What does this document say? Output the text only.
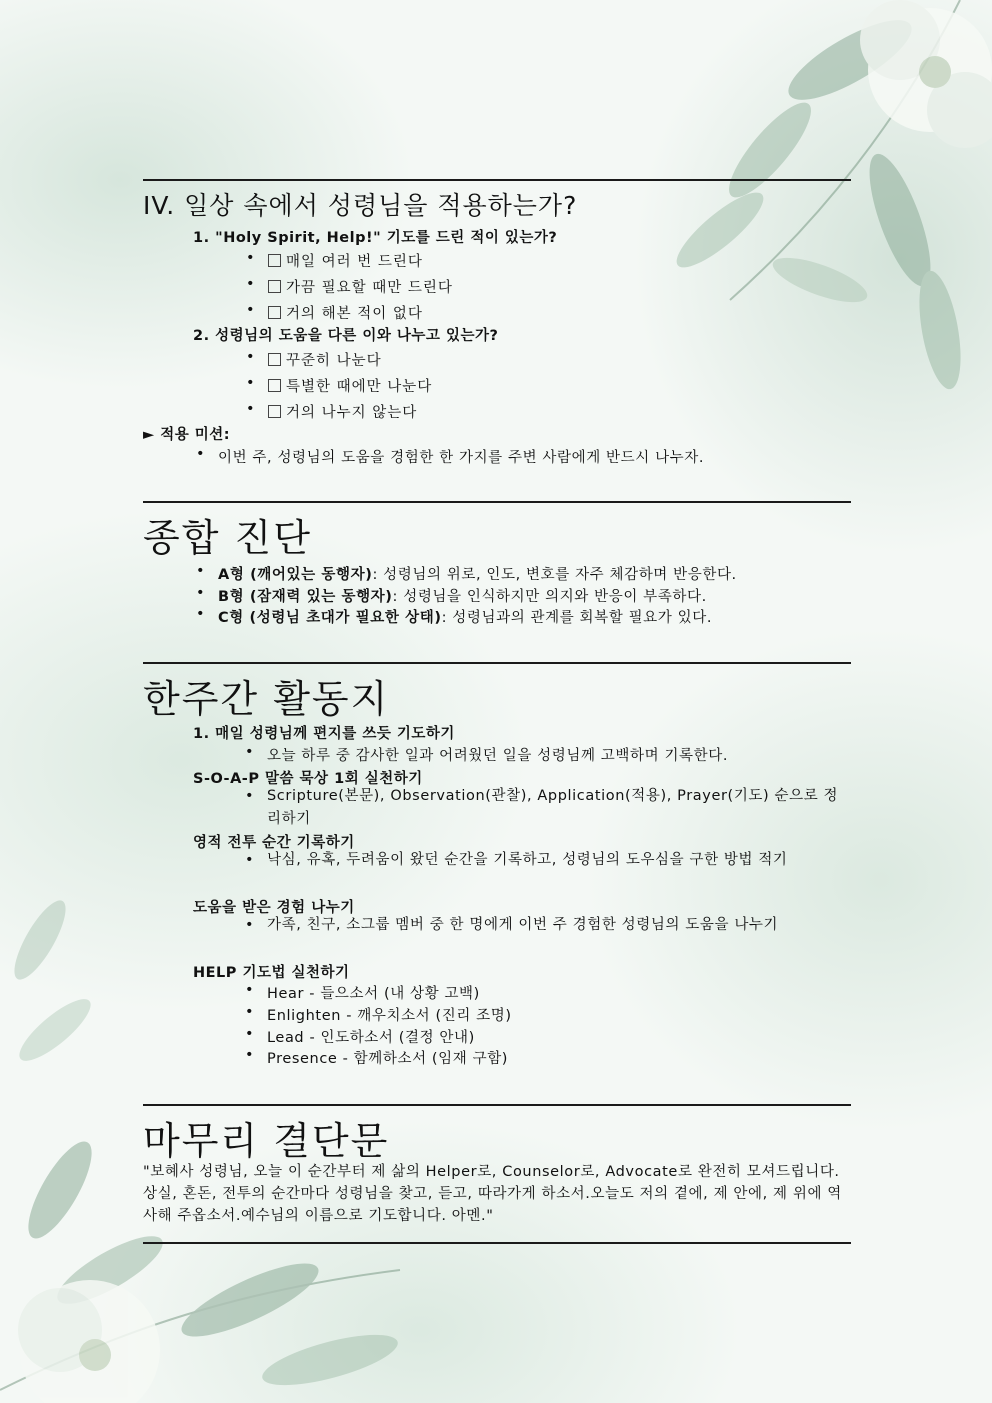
IV. 일상 속에서 성령님을 적용하는가?
1. "Holy Spirit, Help!" 기도를 드린 적이 있는가?
• 매일 여러 번 드린다
• 가끔 필요할 때만 드린다
• 거의 해본 적이 없다
2. 성령님의 도움을 다른 이와 나누고 있는가?
• 꾸준히 나눈다
• 특별한 때에만 나눈다
• 거의 나누지 않는다
► 적용 미션:
• 이번 주, 성령님의 도움을 경험한 한 가지를 주변 사람에게 반드시 나누자.
종합 진단
• A형 (깨어있는 동행자): 성령님의 위로, 인도, 변호를 자주 체감하며 반응한다.
• B형 (잠재력 있는 동행자): 성령님을 인식하지만 의지와 반응이 부족하다.
• C형 (성령님 초대가 필요한 상태): 성령님과의 관계를 회복할 필요가 있다.
한주간 활동지
1. 매일 성령님께 편지를 쓰듯 기도하기
• 오늘 하루 중 감사한 일과 어려웠던 일을 성령님께 고백하며 기록한다.
S-O-A-P 말씀 묵상 1회 실천하기
• Scripture(본문), Observation(관찰), Application(적용), Prayer(기도) 순으로 정리하기
영적 전투 순간 기록하기
• 낙심, 유혹, 두려움이 왔던 순간을 기록하고, 성령님의 도우심을 구한 방법 적기
도움을 받은 경험 나누기
• 가족, 친구, 소그룹 멤버 중 한 명에게 이번 주 경험한 성령님의 도움을 나누기
HELP 기도법 실천하기
• Hear - 들으소서 (내 상황 고백)
• Enlighten - 깨우치소서 (진리 조명)
• Lead - 인도하소서 (결정 안내)
• Presence - 함께하소서 (임재 구함)
마무리 결단문
"보혜사 성령님, 오늘 이 순간부터 제 삶의 Helper로, Counselor로, Advocate로 완전히 모셔드립니다.상실, 혼돈, 전투의 순간마다 성령님을 찾고, 듣고, 따라가게 하소서.오늘도 저의 곁에, 제 안에, 제 위에 역사해 주옵소서.예수님의 이름으로 기도합니다. 아멘."
